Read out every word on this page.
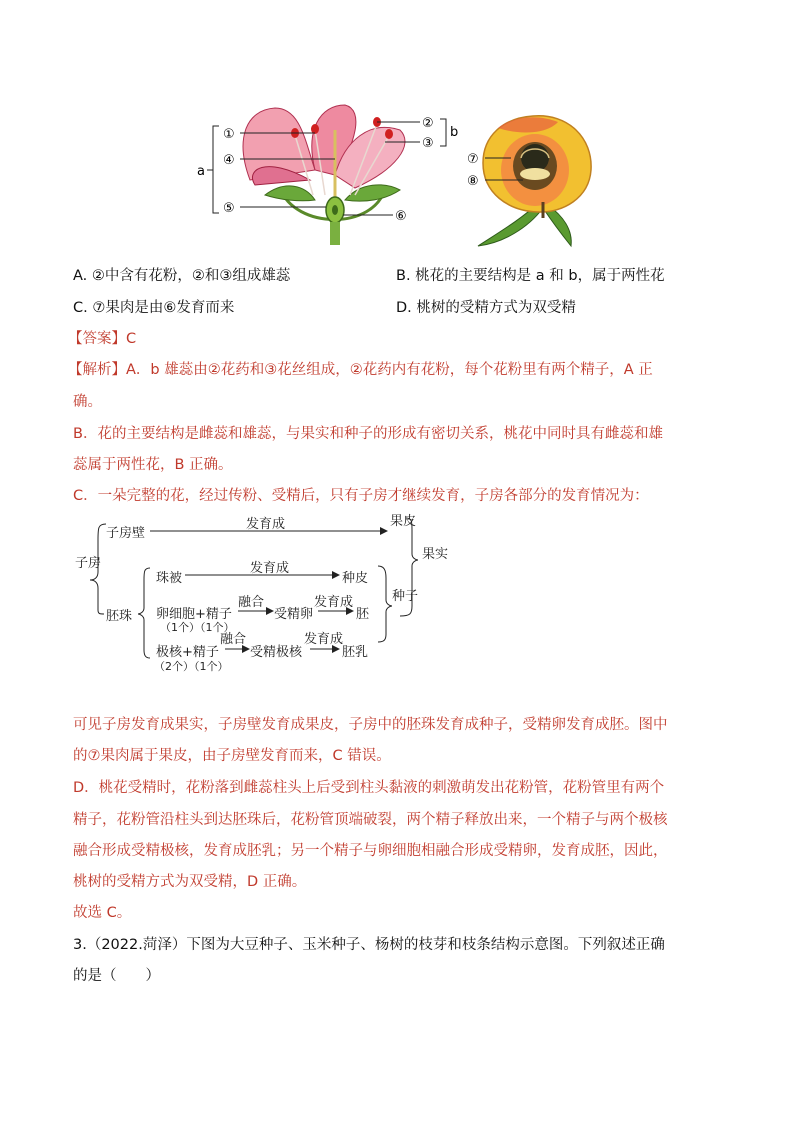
①
④
⑤
a
②
③
b
⑥
⑦
⑧
A. ②中含有花粉，②和③组成雄蕊	B. 桃花的主要结构是 a 和 b，属于两性花
C. ⑦果肉是由⑥发育而来	D. 桃树的受精方式为双受精
【答案】C
【解析】A．b 雄蕊由②花药和③花丝组成，②花药内有花粉，每个花粉里有两个精子，A 正
确。
B．花的主要结构是雌蕊和雄蕊，与果实和种子的形成有密切关系，桃花中同时具有雌蕊和雄
蕊属于两性花，B 正确。
C．一朵完整的花，经过传粉、受精后，只有子房才继续发育，子房各部分的发育情况为：
子房
子房壁
发育成	果皮
果实
胚珠
珠被
发育成
种皮
种子
卵细胞+精子
（1个）（1个）
融合
受精卵
发育成
胚
极核+精子
（2个）（1个）
融合
受精极核
发育成
胚乳
可见子房发育成果实，子房壁发育成果皮，子房中的胚珠发育成种子，受精卵发育成胚。图中
的⑦果肉属于果皮，由子房壁发育而来，C 错误。
D．桃花受精时，花粉落到雌蕊柱头上后受到柱头黏液的刺激萌发出花粉管，花粉管里有两个
精子，花粉管沿柱头到达胚珠后，花粉管顶端破裂，两个精子释放出来，一个精子与两个极核
融合形成受精极核，发育成胚乳；另一个精子与卵细胞相融合形成受精卵，发育成胚，因此，
桃树的受精方式为双受精，D 正确。
故选 C。
3.（2022.菏泽）下图为大豆种子、玉米种子、杨树的枝芽和枝条结构示意图。下列叙述正确
的是（　　）
